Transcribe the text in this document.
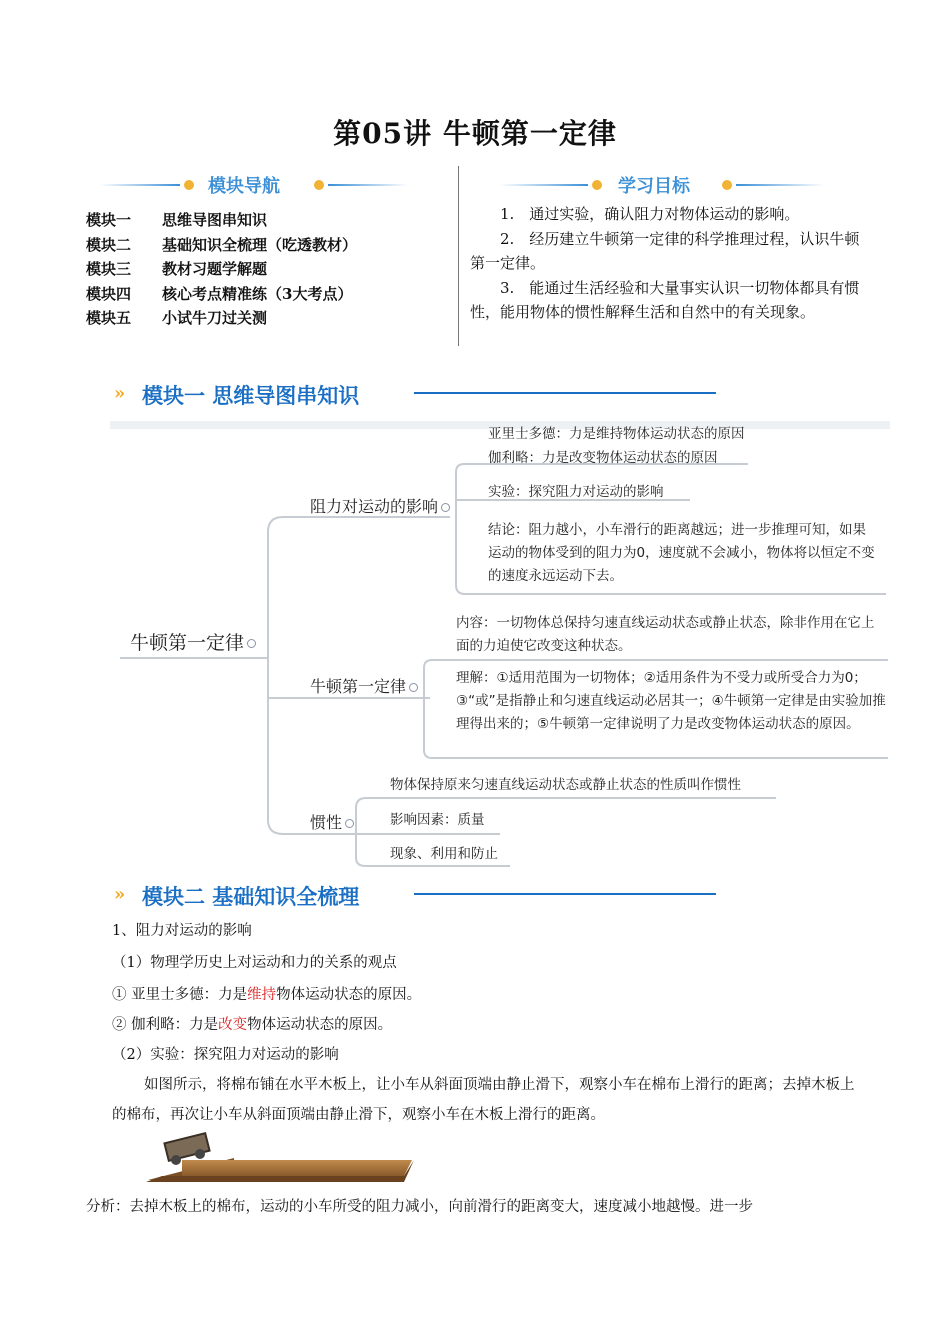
第05讲 牛顿第一定律
模块导航
模块一	思维导图串知识
模块二	基础知识全梳理（吃透教材）
模块三	教材习题学解题
模块四	核心考点精准练（3大考点）
模块五	小试牛刀过关测
学习目标

1.　通过实验，确认阻力对物体运动的影响。

2.　经历建立牛顿第一定律的科学推理过程，认识牛顿第一定律。

3.　能通过生活经验和大量事实认识一切物体都具有惯性，能用物体的惯性解释生活和自然中的有关现象。

» 模块一 思维导图串知识
牛顿第一定律
阻力对运动的影响
亚里士多德：力是维持物体运动状态的原因
伽利略：力是改变物体运动状态的原因
实验：探究阻力对运动的影响
结论：阻力越小，小车滑行的距离越远；进一步推理可知，如果运动的物体受到的阻力为0，速度就不会减小，物体将以恒定不变的速度永远运动下去。
牛顿第一定律
内容：一切物体总保持匀速直线运动状态或静止状态，除非作用在它上面的力迫使它改变这种状态。
理解：①适用范围为一切物体；②适用条件为不受力或所受合力为0；③“或”是指静止和匀速直线运动必居其一；④牛顿第一定律是由实验加推理得出来的；⑤牛顿第一定律说明了力是改变物体运动状态的原因。
惯性
物体保持原来匀速直线运动状态或静止状态的性质叫作惯性
影响因素：质量
现象、利用和防止
» 模块二 基础知识全梳理
1、阻力对运动的影响
（1）物理学历史上对运动和力的关系的观点
① 亚里士多德：力是维持物体运动状态的原因。
② 伽利略：力是改变物体运动状态的原因。
（2）实验：探究阻力对运动的影响
如图所示，将棉布铺在水平木板上，让小车从斜面顶端由静止滑下，观察小车在棉布上滑行的距离；去掉木板上的棉布，再次让小车从斜面顶端由静止滑下，观察小车在木板上滑行的距离。
分析：去掉木板上的棉布，运动的小车所受的阻力减小，向前滑行的距离变大，速度减小地越慢。进一步
